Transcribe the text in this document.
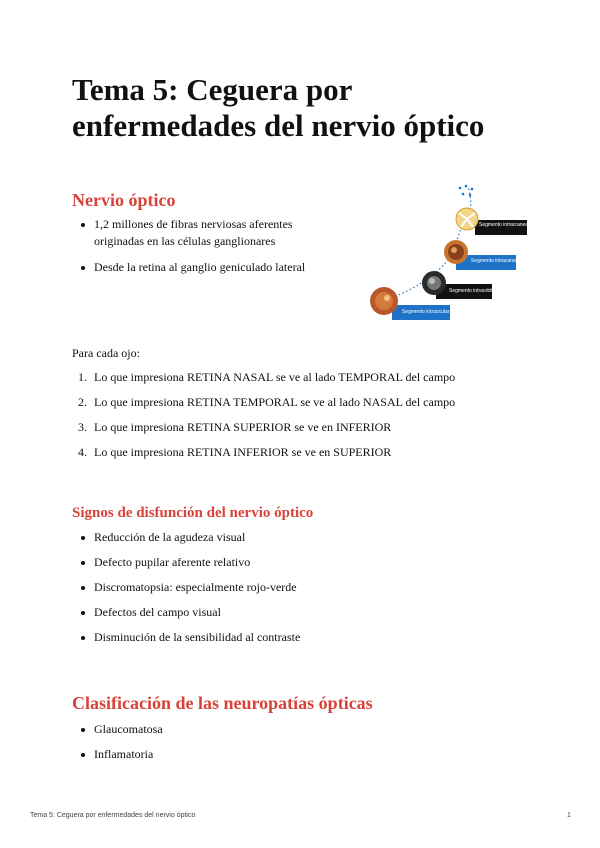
Tema 5: Ceguera por enfermedades del nervio óptico
Nervio óptico
1,2 millones de fibras nerviosas aferentes originadas en las células ganglionares
Desde la retina al ganglio geniculado lateral
Segmento intracraneal
Segmento intracanalicular
Segmento intraorbitario
Segmento intraocular

Para cada ojo:

1. Lo que impresiona RETINA NASAL se ve al lado TEMPORAL del campo
2. Lo que impresiona RETINA TEMPORAL se ve al lado NASAL del campo
3. Lo que impresiona RETINA SUPERIOR se ve en INFERIOR
4. Lo que impresiona RETINA INFERIOR se ve en SUPERIOR
Signos de disfunción del nervio óptico
Reducción de la agudeza visual
Defecto pupilar aferente relativo
Discromatopsia: especialmente rojo-verde
Defectos del campo visual
Disminución de la sensibilidad al contraste
Clasificación de las neuropatías ópticas
Glaucomatosa
Inflamatoria
Tema 5: Ceguera por enfermedades del nervio óptico	1
